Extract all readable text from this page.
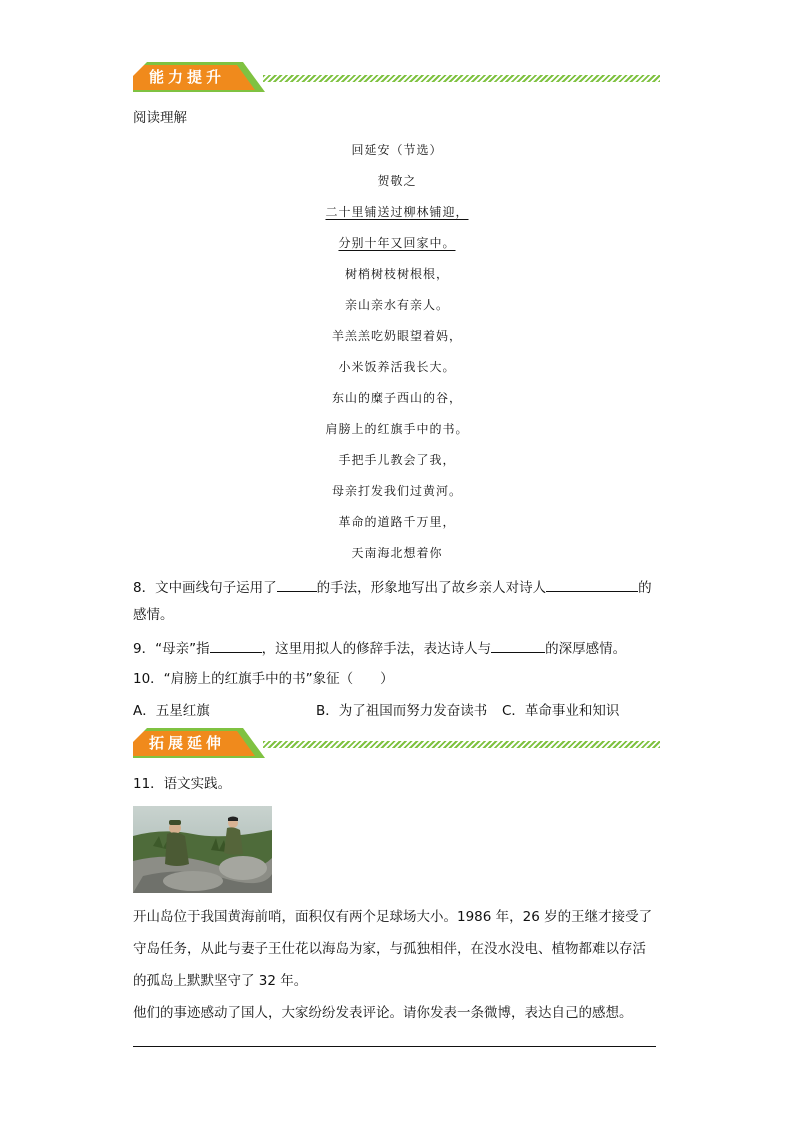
能力提升
阅读理解
回延安（节选）
贺敬之
二十里铺送过柳林铺迎，
分别十年又回家中。
树梢树枝树根根，
亲山亲水有亲人。
羊羔羔吃奶眼望着妈，
小米饭养活我长大。
东山的糜子西山的谷，
肩膀上的红旗手中的书。
手把手儿教会了我，
母亲打发我们过黄河。
革命的道路千万里，
天南海北想着你
8．文中画线句子运用了	的手法，形象地写出了故乡亲人对诗人	的
感情。
9．“母亲”指	，这里用拟人的修辞手法，表达诗人与	的深厚感情。
10．“肩膀上的红旗手中的书”象征（　　）
A．五星红旗	B．为了祖国而努力发奋读书 C．革命事业和知识
拓展延伸
11．语文实践。
开山岛位于我国黄海前哨，面积仅有两个足球场大小。1986 年，26 岁的王继才接受了
守岛任务，从此与妻子王仕花以海岛为家，与孤独相伴，在没水没电、植物都难以存活
的孤岛上默默坚守了 32 年。
他们的事迹感动了国人，大家纷纷发表评论。请你发表一条微博，表达自己的感想。
